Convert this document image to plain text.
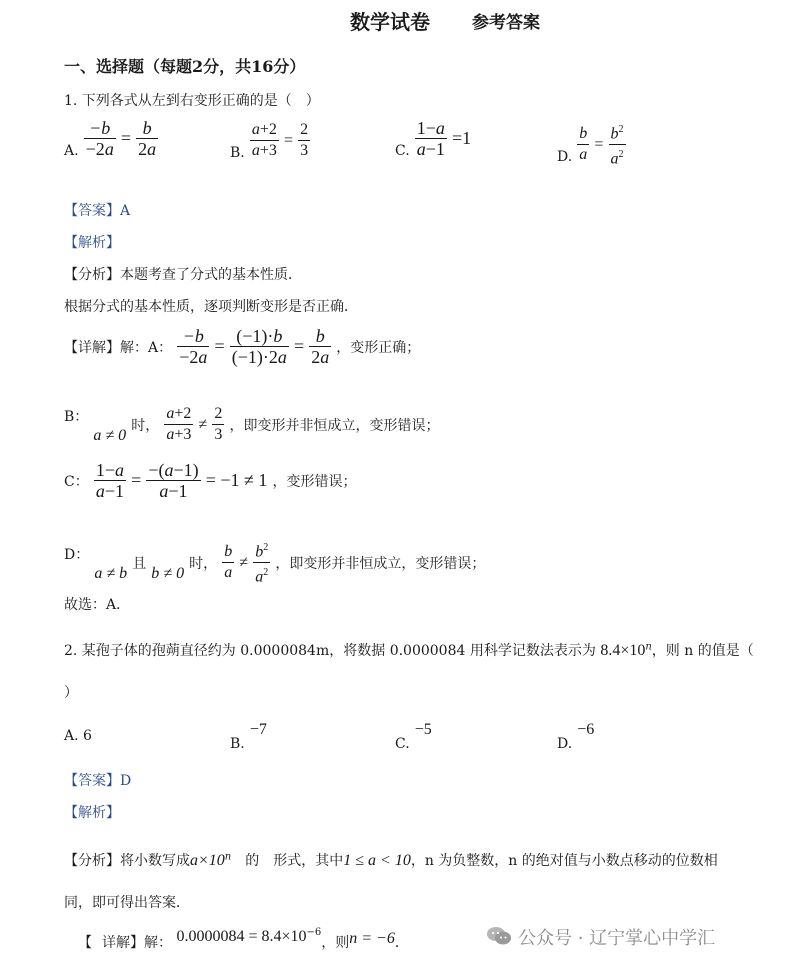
数学试卷 参考答案
一、选择题（每题2分，共16分）
1. 下列各式从左到右变形正确的是（　）
A. $\frac{-b}{-2a} = \frac{b}{2a}$	B. $\frac{a+2}{a+3} = \frac{2}{3}$	C. $\frac{1-a}{a-1} =1$
D. $\frac{b}{a} = \frac{b^2}{a^2}$
【答案】A
【解析】
【分析】本题考查了分式的基本性质．
根据分式的基本性质，逐项判断变形是否正确．
【详解】解：A： $\frac{-b}{-2a} = \frac{(-1)\cdot b}{(-1)\cdot 2a} = \frac{b}{2a}$ ，变形正确；
B： a ≠ 0 时， $\frac{a+2}{a+3} \ne \frac{2}{3}$ ，即变形并非恒成立，变形错误；
C： $\frac{1-a}{a-1} = \frac{-(a-1)}{a-1} = -1 \ne 1$ ，变形错误；
D： a ≠ b 且 b ≠ 0 时， $\frac{b}{a} \ne \frac{b^2}{a^2}$ ，即变形并非恒成立，变形错误；
故选：A．
2. 某孢子体的孢蒴直径约为 0.0000084m，将数据 0.0000084 用科学记数法表示为 $8.4\times 10^n$，则 n 的值是（
）
A. 6	B. −7
C. −5
D. −6
【答案】D
【解析】
【分析】将小数写成$a\times 10^n$　的　形式，其中1 ≤ a < 10，n 为负整数，n 的绝对值与小数点移动的位数相
同，即可得出答案．
【 详解】解： $0.0000084 = 8.4\times 10^{-6}$，则n = −6．	公众号 · 辽宁掌心中学汇
